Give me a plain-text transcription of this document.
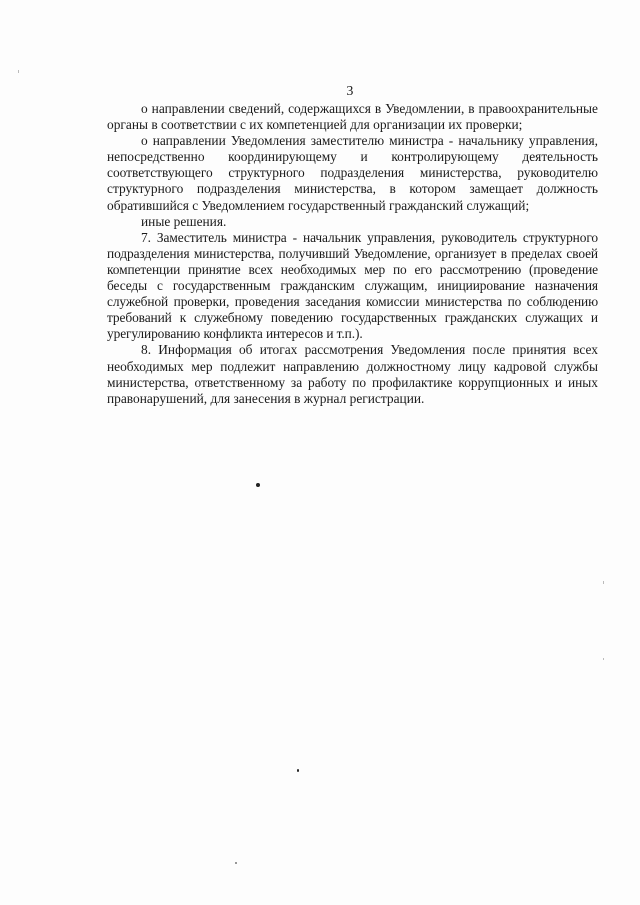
3

о направлении сведений, содержащихся в Уведомлении, в правоохранительные органы в соответствии с их компетенцией для организации их проверки;

о направлении Уведомления заместителю министра - начальнику управления, непосредственно координирующему и контролирующему деятельность соответствующего структурного подразделения министерства, руководителю структурного подразделения министерства, в котором замещает должность обратившийся с Уведомлением государственный гражданский служащий;

иные решения.

7. Заместитель министра - начальник управления, руководитель структурного подразделения министерства, получивший Уведомление, организует в пределах своей компетенции принятие всех необходимых мер по его рассмотрению (проведение беседы с государственным гражданским служащим, инициирование назначения служебной проверки, проведения заседания комиссии министерства по соблюдению требований к служебному поведению государственных гражданских служащих и урегулированию конфликта интересов и т.п.).

8. Информация об итогах рассмотрения Уведомления после принятия всех необходимых мер подлежит направлению должностному лицу кадровой службы министерства, ответственному за работу по профилактике коррупционных и иных правонарушений, для занесения в журнал регистрации.
